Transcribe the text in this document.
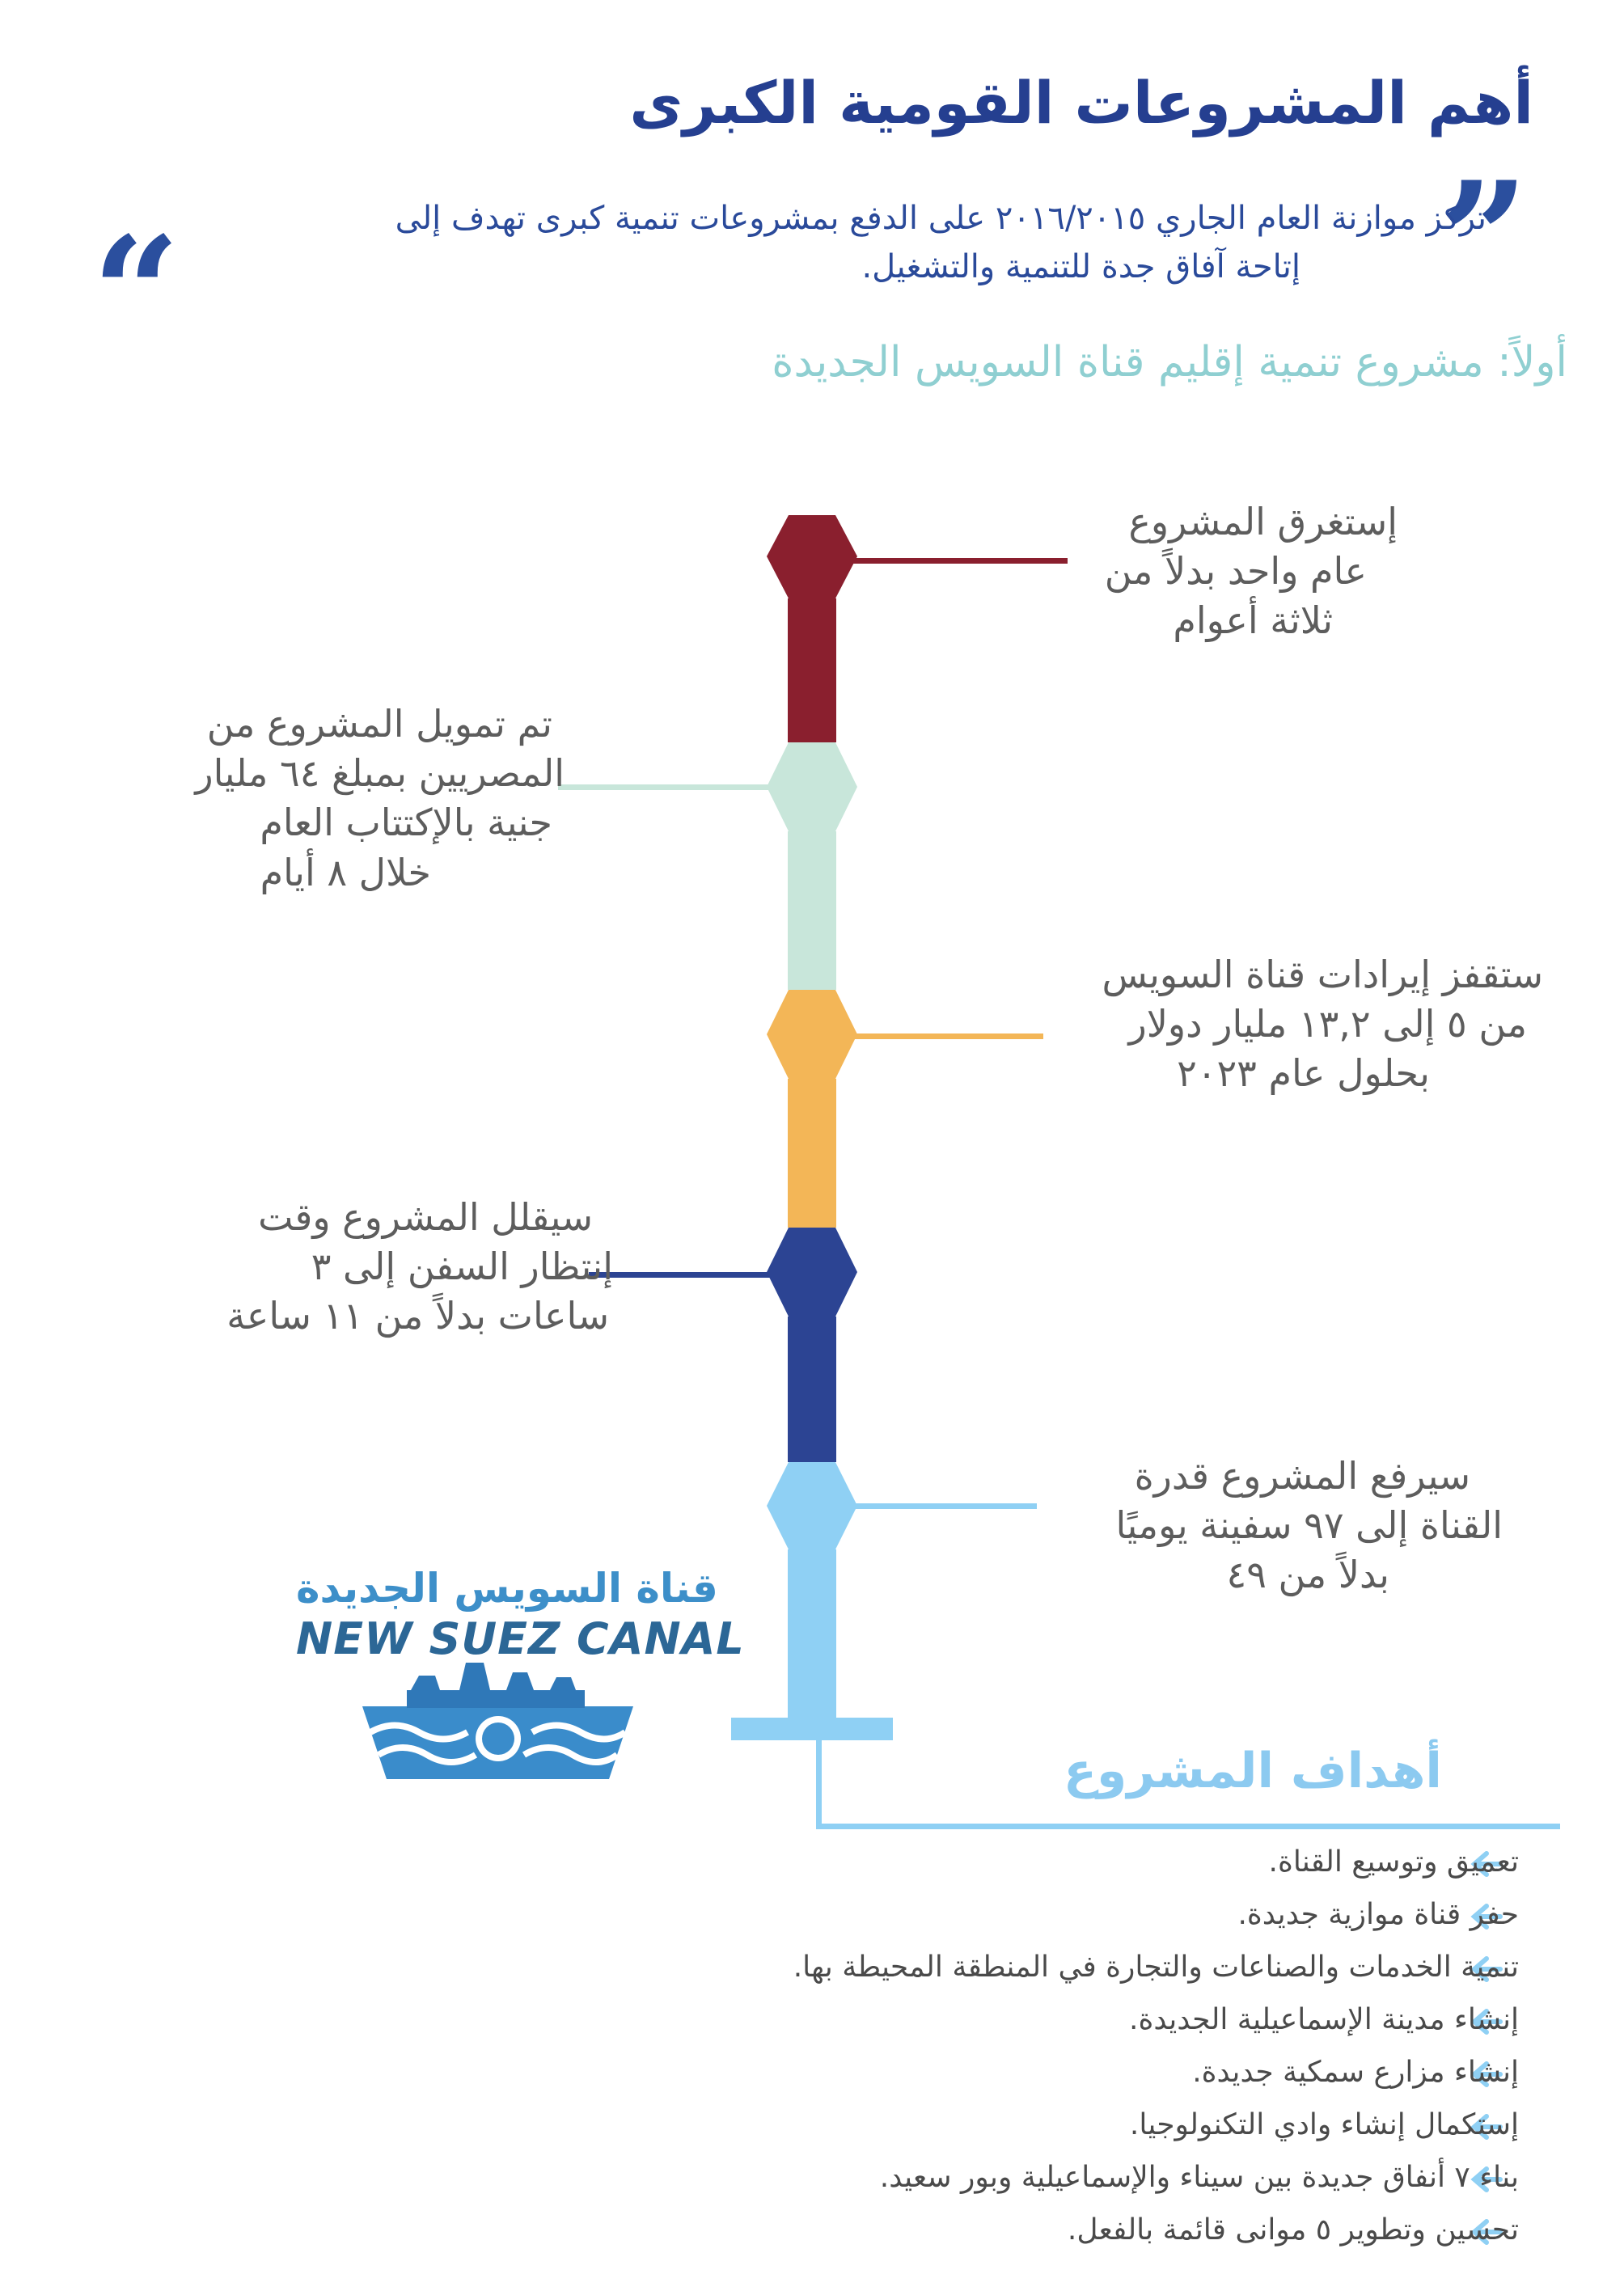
أهم المشروعات القومية الكبرى
”
“	تركز موازنة العام الجاري ٢٠١٦/٢٠١٥ على الدفع بمشروعات تنمية كبرى تهدف إلى
إتاحة آفاق جدة للتنمية والتشغيل.
أولاً: مشروع تنمية إقليم قناة السويس الجديدة
إستغرق المشروع
عام واحد بدلاً من
ثلاثة أعوام
تم تمويل المشروع من
المصريين بمبلغ ٦٤ مليار
جنية بالإكتتاب العام
خلال ٨ أيام
ستقفز إيرادات قناة السويس
من ٥ إلى ١٣,٢ مليار دولار
بحلول عام ٢٠٢٣
سيقلل المشروع وقت
إنتظار السفن إلى ٣
ساعات بدلاً من ١١ ساعة
سيرفع المشروع قدرة
القناة إلى ٩٧ سفينة يوميًا
بدلاً من ٤٩
قناة السويس الجديدة
NEW SUEZ CANAL
أهداف المشروع
تعميق وتوسيع القناة.
حفر قناة موازية جديدة.
تنمية الخدمات والصناعات والتجارة في المنطقة المحيطة بها.
إنشاء مدينة الإسماعيلية الجديدة.
إنشاء مزارع سمكية جديدة.
إستكمال إنشاء وادي التكنولوجيا.
بناء ٧ أنفاق جديدة بين سيناء والإسماعيلية وبور سعيد.
تحسين وتطوير ٥ موانى قائمة بالفعل.
